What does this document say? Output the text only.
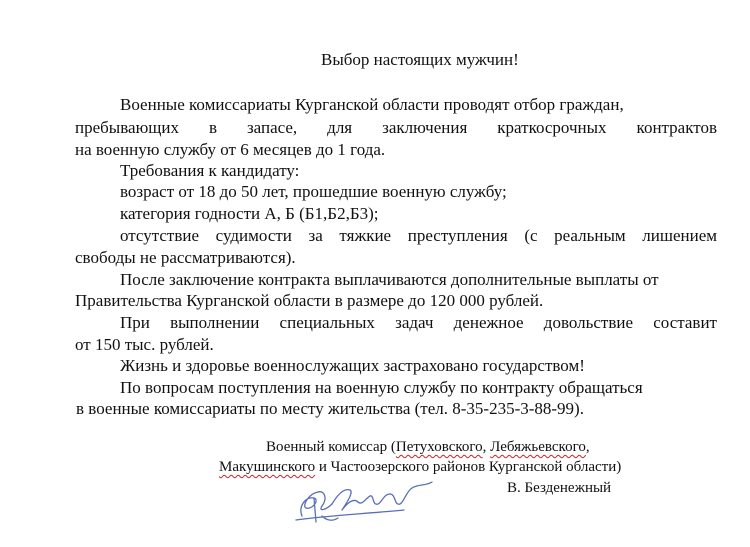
Выбор настоящих мужчин!
Военные комиссариаты Курганской области проводят отбор граждан,
пребывающих в запасе, для заключения краткосрочных контрактов
на военную службу от 6 месяцев до 1 года.
Требования к кандидату:
возраст от 18 до 50 лет, прошедшие военную службу;
категория годности А, Б (Б1,Б2,Б3);
отсутствие судимости за тяжкие преступления (с реальным лишением
свободы не рассматриваются).
После заключение контракта выплачиваются дополнительные выплаты от
Правительства Курганской области в размере до 120 000 рублей.
При выполнении специальных задач денежное довольствие составит
от 150 тыс. рублей.
Жизнь и здоровье военнослужащих застраховано государством!
По вопросам поступления на военную службу по контракту обращаться
в военные комиссариаты по месту жительства (тел. 8-35-235-3-88-99).
Военный комиссар (Петуховского, Лебяжьевского,
Макушинского и Частоозерского районов Курганской области)
В. Безденежный
